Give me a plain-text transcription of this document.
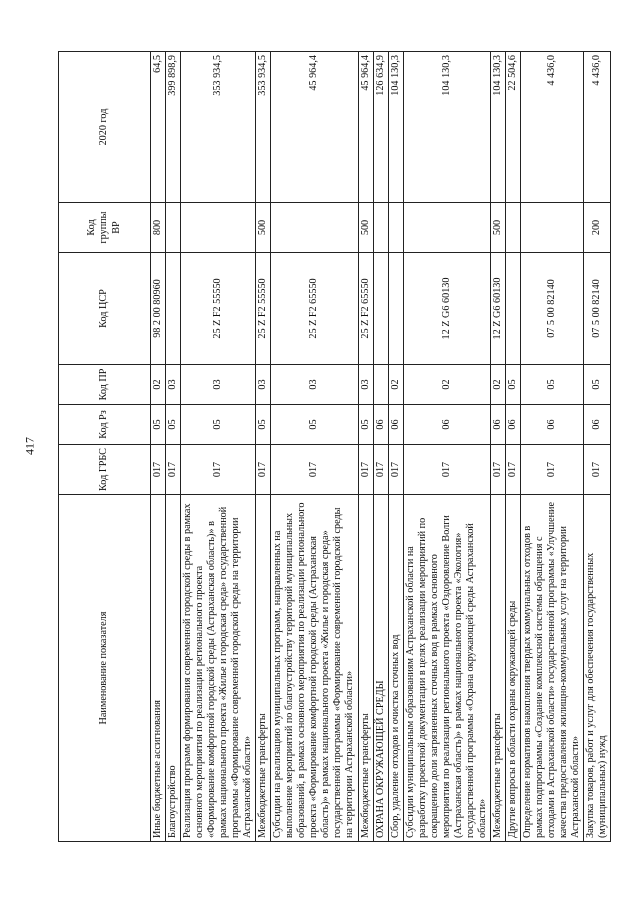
417
Наименование показателя	Код ГРБС	Код Рз	Код ПР	Код ЦСР	Код группы ВР	2020 год
Иные бюджетные ассигнования	017	05	02	98 2 00 80960	800	64,5
Благоустройство	017	05	03			399 898,9
Реализация программ формирования современной городской среды в рамках основного мероприятия по реализации регионального проекта «Формирование комфортной городской среды (Астраханская область)» в рамках национального проекта «Жилье и городская среда» государственной программы «Формирование современной городской среды на территории Астраханской области»	017	05	03	25 Z F2 55550		353 934,5
Межбюджетные трансферты	017	05	03	25 Z F2 55550	500	353 934,5
Субсидии на реализацию муниципальных программ, направленных на выполнение мероприятий по благоустройству территорий муниципальных образований, в рамках основного мероприятия по реализации регионального проекта «Формирование комфортной городской среды (Астраханская область)» в рамках национального проекта «Жилье и городская среда» государственной программы «Формирование современной городской среды на территории Астраханской области»	017	05	03	25 Z F2 65550		45 964,4
Межбюджетные трансферты	017	05	03	25 Z F2 65550	500	45 964,4
ОХРАНА ОКРУЖАЮЩЕЙ СРЕДЫ	017	06				126 634,9
Сбор, удаление отходов и очистка сточных вод	017	06	02			104 130,3
Субсидии муниципальным образованиям Астраханской области на разработку проектной документации в целях реализации мероприятий по сокращению доли загрязненных сточных вод в рамках основного мероприятия по реализации регионального проекта «Оздоровление Волги (Астраханская область)» в рамках национального проекта «Экология» государственной программы «Охрана окружающей среды Астраханской области»	017	06	02	12 Z G6 60130		104 130,3
Межбюджетные трансферты	017	06	02	12 Z G6 60130	500	104 130,3
Другие вопросы в области охраны окружающей среды	017	06	05			22 504,6
Определение нормативов накопления твердых коммунальных отходов в рамках подпрограммы «Создание комплексной системы обращения с отходами в Астраханской области» государственной программы «Улучшение качества предоставления жилищно-коммунальных услуг на территории Астраханской области»	017	06	05	07 5 00 82140		4 436,0
Закупка товаров, работ и услуг для обеспечения государственных (муниципальных) нужд	017	06	05	07 5 00 82140	200	4 436,0
